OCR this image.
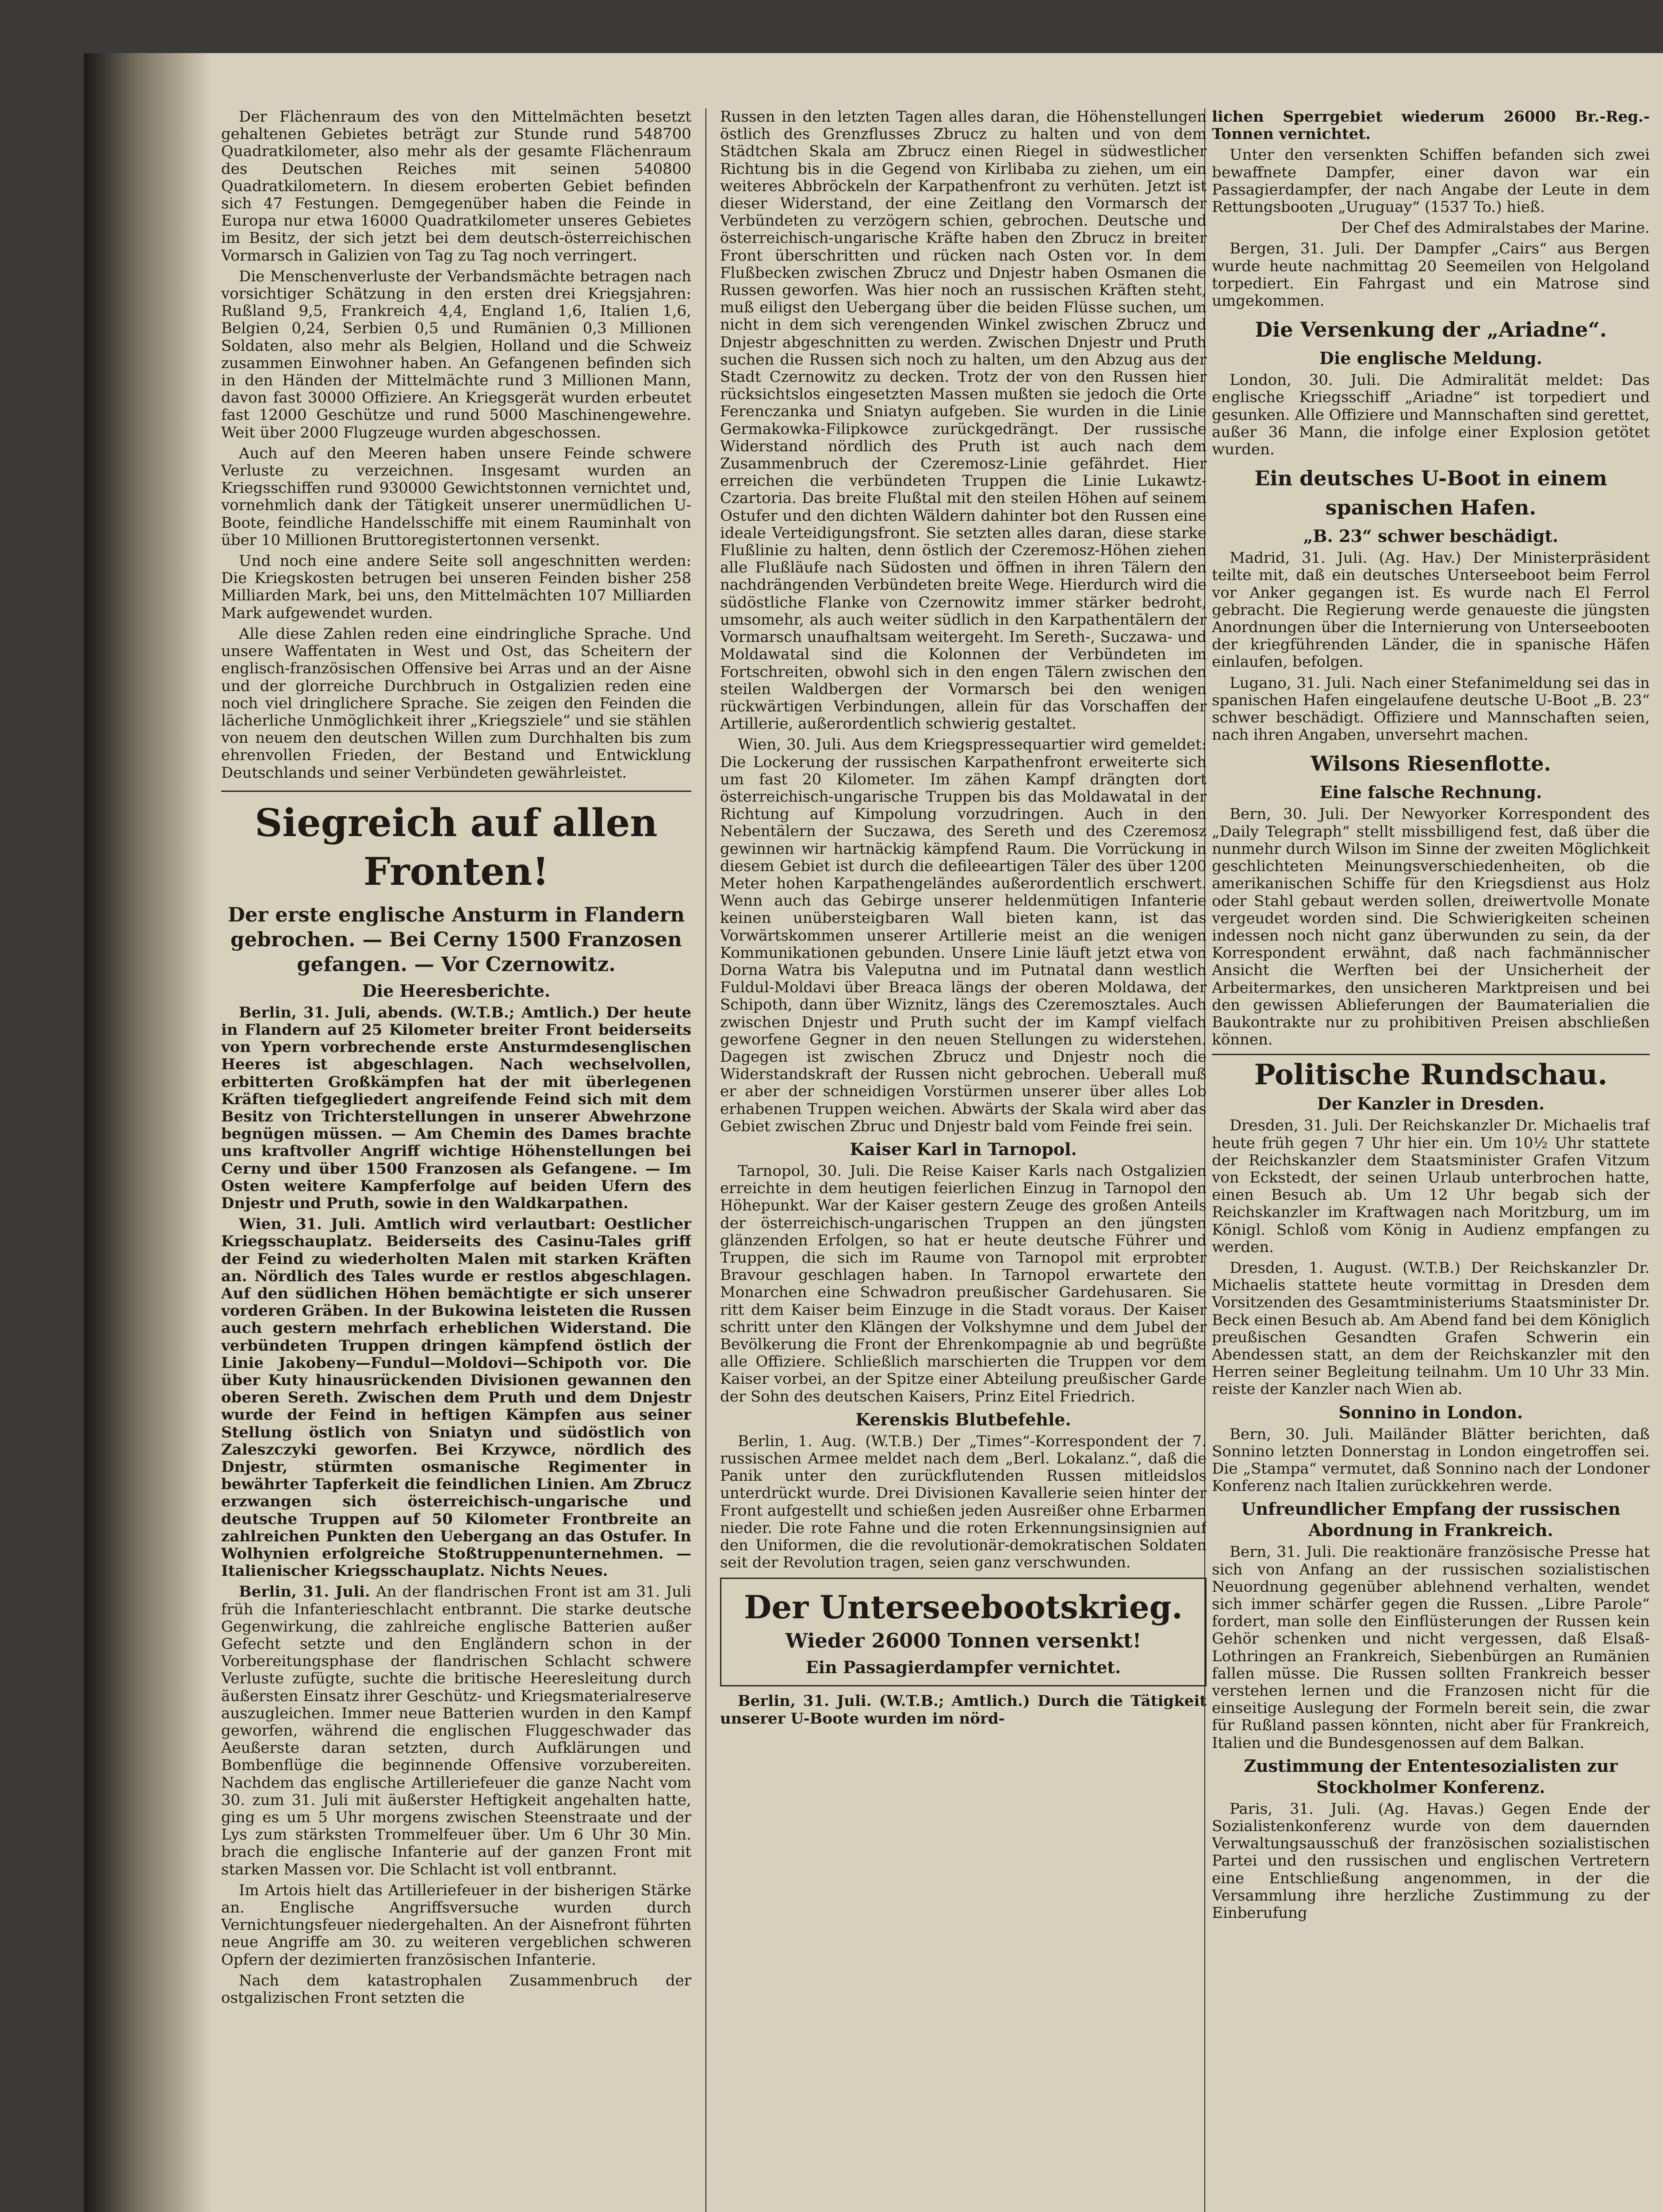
Der Flächenraum des von den Mittelmächten besetzt gehaltenen Gebietes beträgt zur Stunde rund 548700 Quadratkilometer, also mehr als der gesamte Flächenraum des Deutschen Reiches mit seinen 540800 Quadratkilometern. In diesem eroberten Gebiet befinden sich 47 Festungen. Demgegenüber haben die Feinde in Europa nur etwa 16000 Quadratkilometer unseres Gebietes im Besitz, der sich jetzt bei dem deutsch-österreichischen Vormarsch in Galizien von Tag zu Tag noch verringert.

Die Menschenverluste der Verbandsmächte betragen nach vorsichtiger Schätzung in den ersten drei Kriegsjahren: Rußland 9,5, Frankreich 4,4, England 1,6, Italien 1,6, Belgien 0,24, Serbien 0,5 und Rumänien 0,3 Millionen Soldaten, also mehr als Belgien, Holland und die Schweiz zusammen Einwohner haben. An Gefangenen befinden sich in den Händen der Mittelmächte rund 3 Millionen Mann, davon fast 30000 Offiziere. An Kriegsgerät wurden erbeutet fast 12000 Geschütze und rund 5000 Maschinengewehre. Weit über 2000 Flugzeuge wurden abgeschossen.

Auch auf den Meeren haben unsere Feinde schwere Verluste zu verzeichnen. Insgesamt wurden an Kriegsschiffen rund 930000 Gewichtstonnen vernichtet und, vornehmlich dank der Tätigkeit unserer unermüdlichen U-Boote, feindliche Handelsschiffe mit einem Rauminhalt von über 10 Millionen Bruttoregistertonnen versenkt.

Und noch eine andere Seite soll angeschnitten werden: Die Kriegskosten betrugen bei unseren Feinden bisher 258 Milliarden Mark, bei uns, den Mittelmächten 107 Milliarden Mark aufgewendet wurden.

Alle diese Zahlen reden eine eindringliche Sprache. Und unsere Waffentaten in West und Ost, das Scheitern der englisch-französischen Offensive bei Arras und an der Aisne und der glorreiche Durchbruch in Ostgalizien reden eine noch viel dringlichere Sprache. Sie zeigen den Feinden die lächerliche Unmöglichkeit ihrer „Kriegsziele“ und sie stählen von neuem den deutschen Willen zum Durchhalten bis zum ehrenvollen Frieden, der Bestand und Entwicklung Deutschlands und seiner Verbündeten gewährleistet.

Siegreich auf allen Fronten!
Der erste englische Ansturm in Flandern gebrochen. — Bei Cerny 1500 Franzosen gefangen. — Vor Czernowitz.
Die Heeresberichte.

Berlin, 31. Juli, abends. (W.T.B.; Amtlich.) Der heute in Flandern auf 25 Kilometer breiter Front beiderseits von Ypern vorbrechende erste Ansturmdesenglischen Heeres ist abgeschlagen. Nach wechselvollen, erbitterten Großkämpfen hat der mit überlegenen Kräften tiefgegliedert angreifende Feind sich mit dem Besitz von Trichterstellungen in unserer Abwehrzone begnügen müssen. — Am Chemin des Dames brachte uns kraftvoller Angriff wichtige Höhenstellungen bei Cerny und über 1500 Franzosen als Gefangene. — Im Osten weitere Kampferfolge auf beiden Ufern des Dnjestr und Pruth, sowie in den Waldkarpathen.

Wien, 31. Juli. Amtlich wird verlautbart: Oestlicher Kriegsschauplatz. Beiderseits des Casinu-Tales griff der Feind zu wiederholten Malen mit starken Kräften an. Nördlich des Tales wurde er restlos abgeschlagen. Auf den südlichen Höhen bemächtigte er sich unserer vorderen Gräben. In der Bukowina leisteten die Russen auch gestern mehrfach erheblichen Widerstand. Die verbündeten Truppen dringen kämpfend östlich der Linie Jakobeny—Fundul—Moldovi—Schipoth vor. Die über Kuty hinausrückenden Divisionen gewannen den oberen Sereth. Zwischen dem Pruth und dem Dnjestr wurde der Feind in heftigen Kämpfen aus seiner Stellung östlich von Sniatyn und südöstlich von Zaleszczyki geworfen. Bei Krzywce, nördlich des Dnjestr, stürmten osmanische Regimenter in bewährter Tapferkeit die feindlichen Linien. Am Zbrucz erzwangen sich österreichisch-ungarische und deutsche Truppen auf 50 Kilometer Frontbreite an zahlreichen Punkten den Uebergang an das Ostufer. In Wolhynien erfolgreiche Stoßtruppenunternehmen. — Italienischer Kriegsschauplatz. Nichts Neues.

Berlin, 31. Juli. An der flandrischen Front ist am 31. Juli früh die Infanterieschlacht entbrannt. Die starke deutsche Gegenwirkung, die zahlreiche englische Batterien außer Gefecht setzte und den Engländern schon in der Vorbereitungsphase der flandrischen Schlacht schwere Verluste zufügte, suchte die britische Heeresleitung durch äußersten Einsatz ihrer Geschütz- und Kriegsmaterialreserve auszugleichen. Immer neue Batterien wurden in den Kampf geworfen, während die englischen Fluggeschwader das Aeußerste daran setzten, durch Aufklärungen und Bombenflüge die beginnende Offensive vorzubereiten. Nachdem das englische Artilleriefeuer die ganze Nacht vom 30. zum 31. Juli mit äußerster Heftigkeit angehalten hatte, ging es um 5 Uhr morgens zwischen Steenstraate und der Lys zum stärksten Trommelfeuer über. Um 6 Uhr 30 Min. brach die englische Infanterie auf der ganzen Front mit starken Massen vor. Die Schlacht ist voll entbrannt.

Im Artois hielt das Artilleriefeuer in der bisherigen Stärke an. Englische Angriffsversuche wurden durch Vernichtungsfeuer niedergehalten. An der Aisnefront führten neue Angriffe am 30. zu weiteren vergeblichen schweren Opfern der dezimierten französischen Infanterie.

Nach dem katastrophalen Zusammenbruch der ostgalizischen Front setzten die

Russen in den letzten Tagen alles daran, die Höhenstellungen östlich des Grenzflusses Zbrucz zu halten und von dem Städtchen Skala am Zbrucz einen Riegel in südwestlicher Richtung bis in die Gegend von Kirlibaba zu ziehen, um ein weiteres Abbröckeln der Karpathenfront zu verhüten. Jetzt ist dieser Widerstand, der eine Zeitlang den Vormarsch der Verbündeten zu verzögern schien, gebrochen. Deutsche und österreichisch-ungarische Kräfte haben den Zbrucz in breiter Front überschritten und rücken nach Osten vor. In dem Flußbecken zwischen Zbrucz und Dnjestr haben Osmanen die Russen geworfen. Was hier noch an russischen Kräften steht, muß eiligst den Uebergang über die beiden Flüsse suchen, um nicht in dem sich verengenden Winkel zwischen Zbrucz und Dnjestr abgeschnitten zu werden. Zwischen Dnjestr und Pruth suchen die Russen sich noch zu halten, um den Abzug aus der Stadt Czernowitz zu decken. Trotz der von den Russen hier rücksichtslos eingesetzten Massen mußten sie jedoch die Orte Ferenczanka und Sniatyn aufgeben. Sie wurden in die Linie Germakowka-Filipkowce zurückgedrängt. Der russische Widerstand nördlich des Pruth ist auch nach dem Zusammenbruch der Czeremosz-Linie gefährdet. Hier erreichen die verbündeten Truppen die Linie Lukawtz-Czartoria. Das breite Flußtal mit den steilen Höhen auf seinem Ostufer und den dichten Wäldern dahinter bot den Russen eine ideale Verteidigungsfront. Sie setzten alles daran, diese starke Flußlinie zu halten, denn östlich der Czeremosz-Höhen ziehen alle Flußläufe nach Südosten und öffnen in ihren Tälern den nachdrängenden Verbündeten breite Wege. Hierdurch wird die südöstliche Flanke von Czernowitz immer stärker bedroht, umsomehr, als auch weiter südlich in den Karpathentälern der Vormarsch unaufhaltsam weitergeht. Im Sereth-, Suczawa- und Moldawatal sind die Kolonnen der Verbündeten im Fortschreiten, obwohl sich in den engen Tälern zwischen den steilen Waldbergen der Vormarsch bei den wenigen rückwärtigen Verbindungen, allein für das Vorschaffen der Artillerie, außerordentlich schwierig gestaltet.

Wien, 30. Juli. Aus dem Kriegspressequartier wird gemeldet: Die Lockerung der russischen Karpathenfront erweiterte sich um fast 20 Kilometer. Im zähen Kampf drängten dort österreichisch-ungarische Truppen bis das Moldawatal in der Richtung auf Kimpolung vorzudringen. Auch in den Nebentälern der Suczawa, des Sereth und des Czeremosz gewinnen wir hartnäckig kämpfend Raum. Die Vorrückung in diesem Gebiet ist durch die defileeartigen Täler des über 1200 Meter hohen Karpathengeländes außerordentlich erschwert. Wenn auch das Gebirge unserer heldenmütigen Infanterie keinen unübersteigbaren Wall bieten kann, ist das Vorwärtskommen unserer Artillerie meist an die wenigen Kommunikationen gebunden. Unsere Linie läuft jetzt etwa von Dorna Watra bis Valeputna und im Putnatal dann westlich Fuldul-Moldavi über Breaca längs der oberen Moldawa, der Schipoth, dann über Wiznitz, längs des Czeremosztales. Auch zwischen Dnjestr und Pruth sucht der im Kampf vielfach geworfene Gegner in den neuen Stellungen zu widerstehen. Dagegen ist zwischen Zbrucz und Dnjestr noch die Widerstandskraft der Russen nicht gebrochen. Ueberall muß er aber der schneidigen Vorstürmen unserer über alles Lob erhabenen Truppen weichen. Abwärts der Skala wird aber das Gebiet zwischen Zbruc und Dnjestr bald vom Feinde frei sein.

Kaiser Karl in Tarnopol.

Tarnopol, 30. Juli. Die Reise Kaiser Karls nach Ostgalizien erreichte in dem heutigen feierlichen Einzug in Tarnopol den Höhepunkt. War der Kaiser gestern Zeuge des großen Anteils der österreichisch-ungarischen Truppen an den jüngsten glänzenden Erfolgen, so hat er heute deutsche Führer und Truppen, die sich im Raume von Tarnopol mit erprobter Bravour geschlagen haben. In Tarnopol erwartete den Monarchen eine Schwadron preußischer Gardehusaren. Sie ritt dem Kaiser beim Einzuge in die Stadt voraus. Der Kaiser schritt unter den Klängen der Volkshymne und dem Jubel der Bevölkerung die Front der Ehrenkompagnie ab und begrüßte alle Offiziere. Schließlich marschierten die Truppen vor dem Kaiser vorbei, an der Spitze einer Abteilung preußischer Garde der Sohn des deutschen Kaisers, Prinz Eitel Friedrich.

Kerenskis Blutbefehle.

Berlin, 1. Aug. (W.T.B.) Der „Times“-Korrespondent der 7. russischen Armee meldet nach dem „Berl. Lokalanz.“, daß die Panik unter den zurückflutenden Russen mitleidslos unterdrückt wurde. Drei Divisionen Kavallerie seien hinter der Front aufgestellt und schießen jeden Ausreißer ohne Erbarmen nieder. Die rote Fahne und die roten Erkennungsinsignien auf den Uniformen, die die revolutionär-demokratischen Soldaten seit der Revolution tragen, seien ganz verschwunden.

Der Unterseebootskrieg.
Wieder 26000 Tonnen versenkt!
Ein Passagierdampfer vernichtet.

Berlin, 31. Juli. (W.T.B.; Amtlich.) Durch die Tätigkeit unserer U-Boote wurden im nörd-

lichen Sperrgebiet wiederum 26000 Br.-Reg.-Tonnen vernichtet.

Unter den versenkten Schiffen befanden sich zwei bewaffnete Dampfer, einer davon war ein Passagierdampfer, der nach Angabe der Leute in dem Rettungsbooten „Uruguay“ (1537 To.) hieß.

Der Chef des Admiralstabes der Marine.

Bergen, 31. Juli. Der Dampfer „Cairs“ aus Bergen wurde heute nachmittag 20 Seemeilen von Helgoland torpediert. Ein Fahrgast und ein Matrose sind umgekommen.

Die Versenkung der „Ariadne“.
Die englische Meldung.

London, 30. Juli. Die Admiralität meldet: Das englische Kriegsschiff „Ariadne“ ist torpediert und gesunken. Alle Offiziere und Mannschaften sind gerettet, außer 36 Mann, die infolge einer Explosion getötet wurden.

Ein deutsches U-Boot in einem spanischen Hafen.
„B. 23“ schwer beschädigt.

Madrid, 31. Juli. (Ag. Hav.) Der Ministerpräsident teilte mit, daß ein deutsches Unterseeboot beim Ferrol vor Anker gegangen ist. Es wurde nach El Ferrol gebracht. Die Regierung werde genaueste die jüngsten Anordnungen über die Internierung von Unterseebooten der kriegführenden Länder, die in spanische Häfen einlaufen, befolgen.

Lugano, 31. Juli. Nach einer Stefanimeldung sei das in spanischen Hafen eingelaufene deutsche U-Boot „B. 23“ schwer beschädigt. Offiziere und Mannschaften seien, nach ihren Angaben, unversehrt machen.

Wilsons Riesenflotte.
Eine falsche Rechnung.

Bern, 30. Juli. Der Newyorker Korrespondent des „Daily Telegraph“ stellt missbilligend fest, daß über die nunmehr durch Wilson im Sinne der zweiten Möglichkeit geschlichteten Meinungsverschiedenheiten, ob die amerikanischen Schiffe für den Kriegsdienst aus Holz oder Stahl gebaut werden sollen, dreiwertvolle Monate vergeudet worden sind. Die Schwierigkeiten scheinen indessen noch nicht ganz überwunden zu sein, da der Korrespondent erwähnt, daß nach fachmännischer Ansicht die Werften bei der Unsicherheit der Arbeitermarkes, den unsicheren Marktpreisen und bei den gewissen Ablieferungen der Baumaterialien die Baukontrakte nur zu prohibitiven Preisen abschließen können.

Politische Rundschau.
Der Kanzler in Dresden.

Dresden, 31. Juli. Der Reichskanzler Dr. Michaelis traf heute früh gegen 7 Uhr hier ein. Um 10½ Uhr stattete der Reichskanzler dem Staatsminister Grafen Vitzum von Eckstedt, der seinen Urlaub unterbrochen hatte, einen Besuch ab. Um 12 Uhr begab sich der Reichskanzler im Kraftwagen nach Moritzburg, um im Königl. Schloß vom König in Audienz empfangen zu werden.

Dresden, 1. August. (W.T.B.) Der Reichskanzler Dr. Michaelis stattete heute vormittag in Dresden dem Vorsitzenden des Gesamtministeriums Staatsminister Dr. Beck einen Besuch ab. Am Abend fand bei dem Königlich preußischen Gesandten Grafen Schwerin ein Abendessen statt, an dem der Reichskanzler mit den Herren seiner Begleitung teilnahm. Um 10 Uhr 33 Min. reiste der Kanzler nach Wien ab.

Sonnino in London.

Bern, 30. Juli. Mailänder Blätter berichten, daß Sonnino letzten Donnerstag in London eingetroffen sei. Die „Stampa“ vermutet, daß Sonnino nach der Londoner Konferenz nach Italien zurückkehren werde.

Unfreundlicher Empfang der russischen Abordnung in Frankreich.

Bern, 31. Juli. Die reaktionäre französische Presse hat sich von Anfang an der russischen sozialistischen Neuordnung gegenüber ablehnend verhalten, wendet sich immer schärfer gegen die Russen. „Libre Parole“ fordert, man solle den Einflüsterungen der Russen kein Gehör schenken und nicht vergessen, daß Elsaß-Lothringen an Frankreich, Siebenbürgen an Rumänien fallen müsse. Die Russen sollten Frankreich besser verstehen lernen und die Franzosen nicht für die einseitige Auslegung der Formeln bereit sein, die zwar für Rußland passen könnten, nicht aber für Frankreich, Italien und die Bundesgenossen auf dem Balkan.

Zustimmung der Ententesozialisten zur Stockholmer Konferenz.

Paris, 31. Juli. (Ag. Havas.) Gegen Ende der Sozialistenkonferenz wurde von dem dauernden Verwaltungsausschuß der französischen sozialistischen Partei und den russischen und englischen Vertretern eine Entschließung angenommen, in der die Versammlung ihre herzliche Zustimmung zu der Einberufung
